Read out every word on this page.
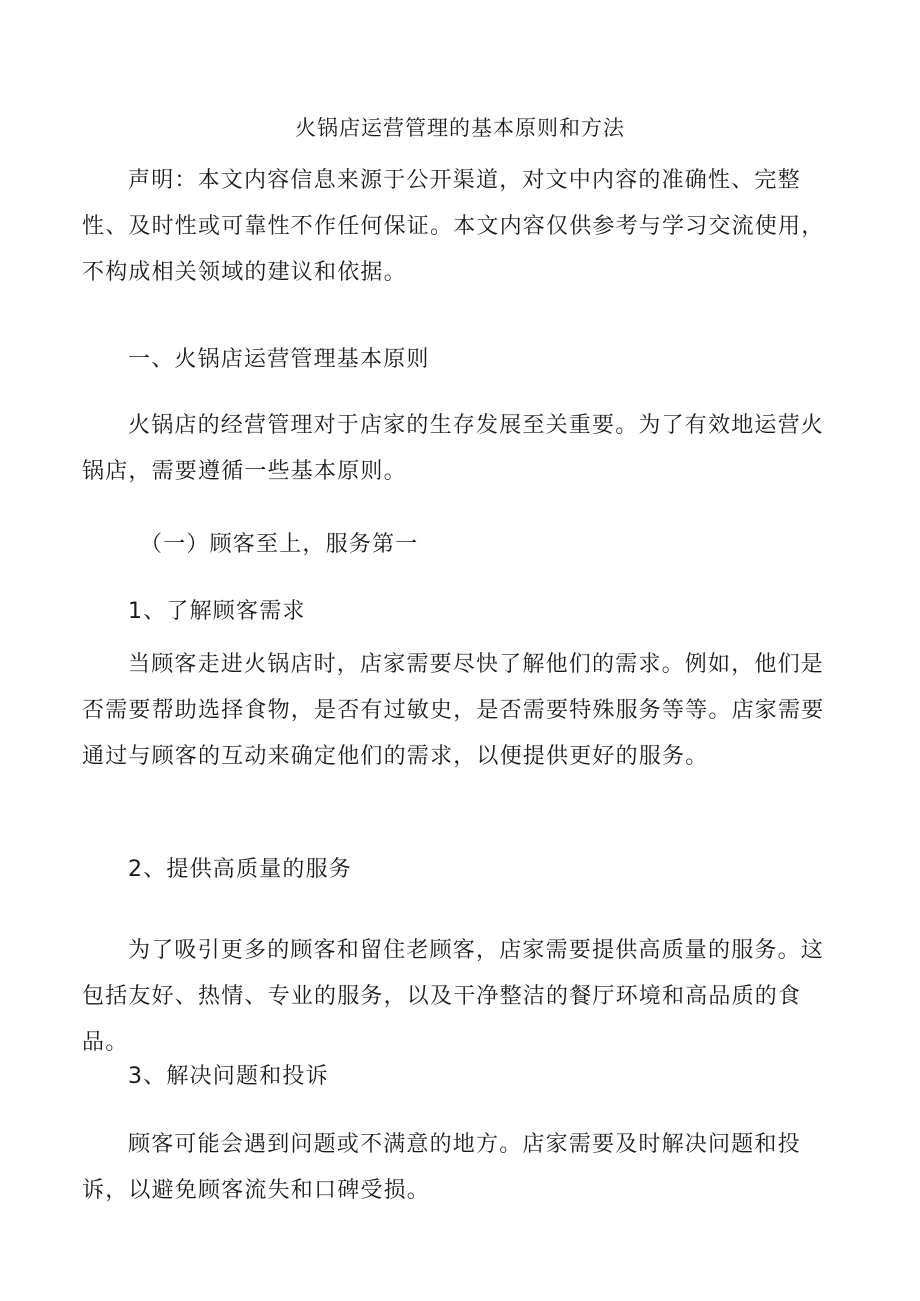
火锅店运营管理的基本原则和方法

声明：本文内容信息来源于公开渠道，对文中内容的准确性、完整性、及时性或可靠性不作任何保证。本文内容仅供参考与学习交流使用，不构成相关领域的建议和依据。

一、火锅店运营管理基本原则

火锅店的经营管理对于店家的生存发展至关重要。为了有效地运营火锅店，需要遵循一些基本原则。

（一）顾客至上，服务第一

1、了解顾客需求

当顾客走进火锅店时，店家需要尽快了解他们的需求。例如，他们是否需要帮助选择食物，是否有过敏史，是否需要特殊服务等等。店家需要通过与顾客的互动来确定他们的需求，以便提供更好的服务。

2、提供高质量的服务

为了吸引更多的顾客和留住老顾客，店家需要提供高质量的服务。这包括友好、热情、专业的服务，以及干净整洁的餐厅环境和高品质的食品。

3、解决问题和投诉

顾客可能会遇到问题或不满意的地方。店家需要及时解决问题和投诉，以避免顾客流失和口碑受损。
